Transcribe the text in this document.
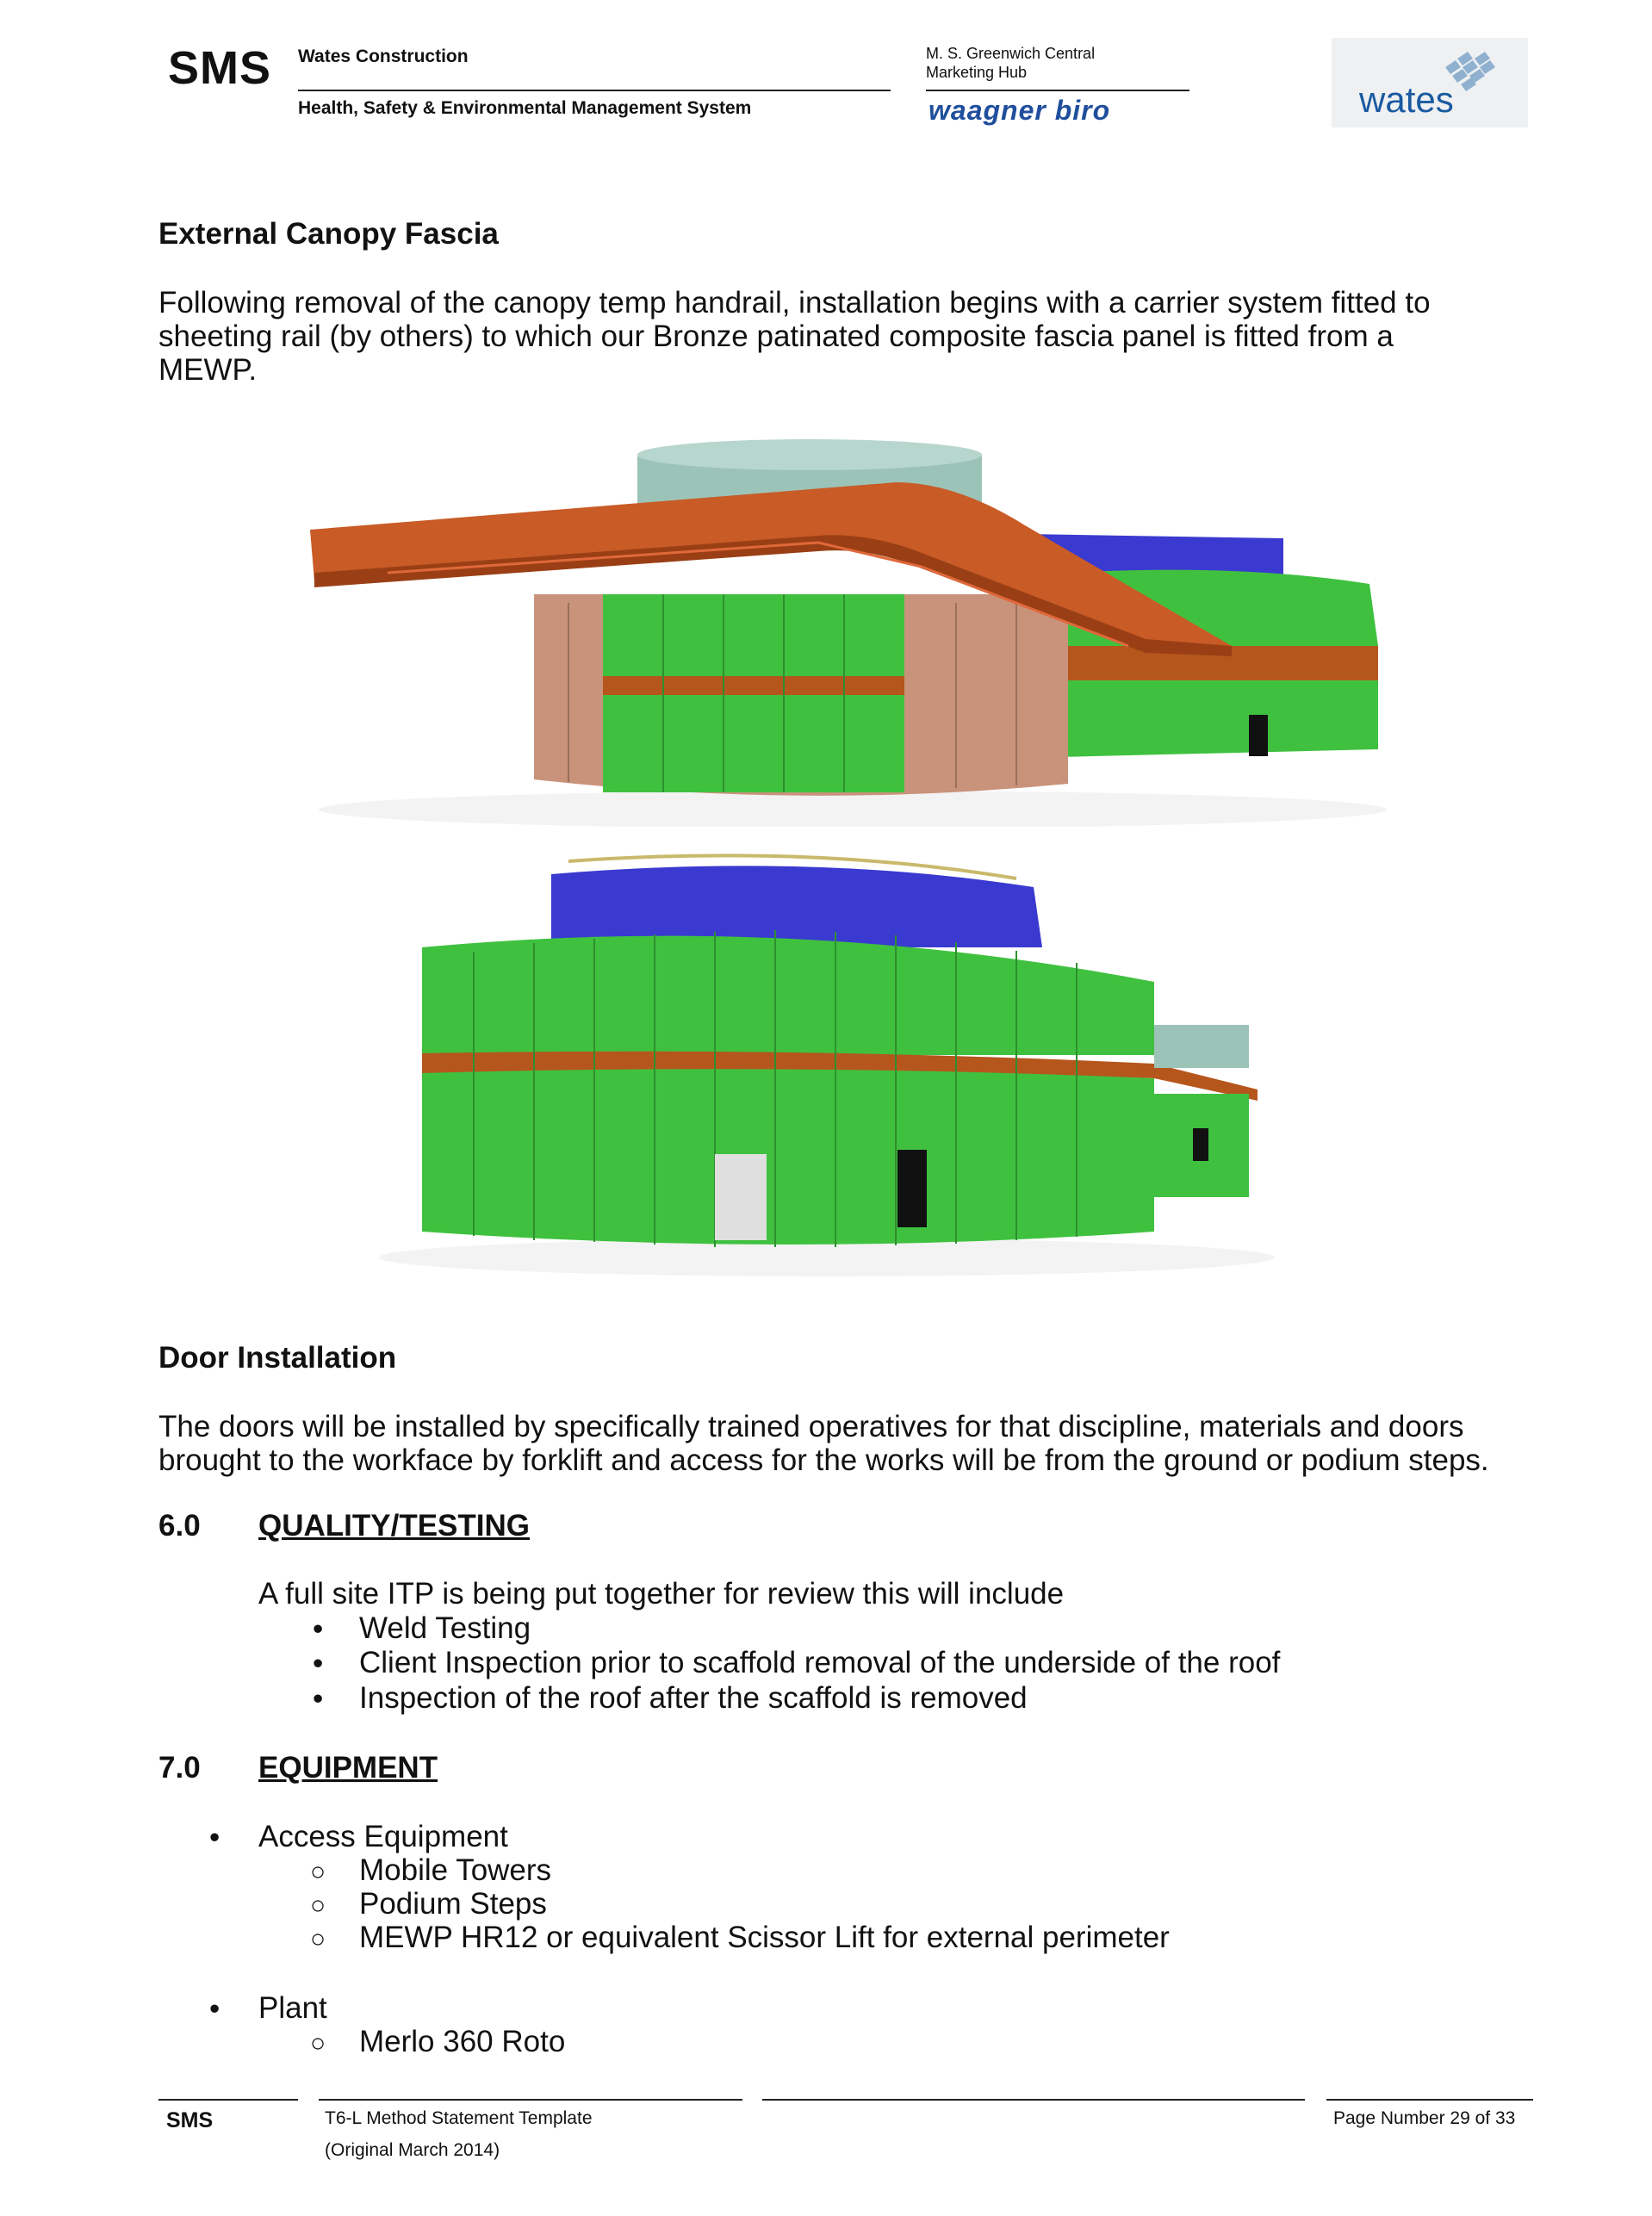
SMS Wates Construction
Health, Safety & Environmental Management System
M. S. Greenwich Central
Marketing Hub
waagner biro	wates
External Canopy Fascia
Following removal of the canopy temp handrail, installation begins with a carrier system fitted to
sheeting rail (by others) to which our Bronze patinated composite fascia panel is fitted from a
MEWP.
Door Installation
The doors will be installed by specifically trained operatives for that discipline, materials and doors
brought to the workface by forklift and access for the works will be from the ground or podium steps.
6.0 QUALITY/TESTING
A full site ITP is being put together for review this will include
• Weld Testing
• Client Inspection prior to scaffold removal of the underside of the roof
• Inspection of the roof after the scaffold is removed
7.0 EQUIPMENT
• Access Equipment
○ Mobile Towers
○ Podium Steps
○ MEWP HR12 or equivalent Scissor Lift for external perimeter
• Plant
○ Merlo 360 Roto
SMS	T6-L Method Statement Template
(Original March 2014)
Page Number 29 of 33
